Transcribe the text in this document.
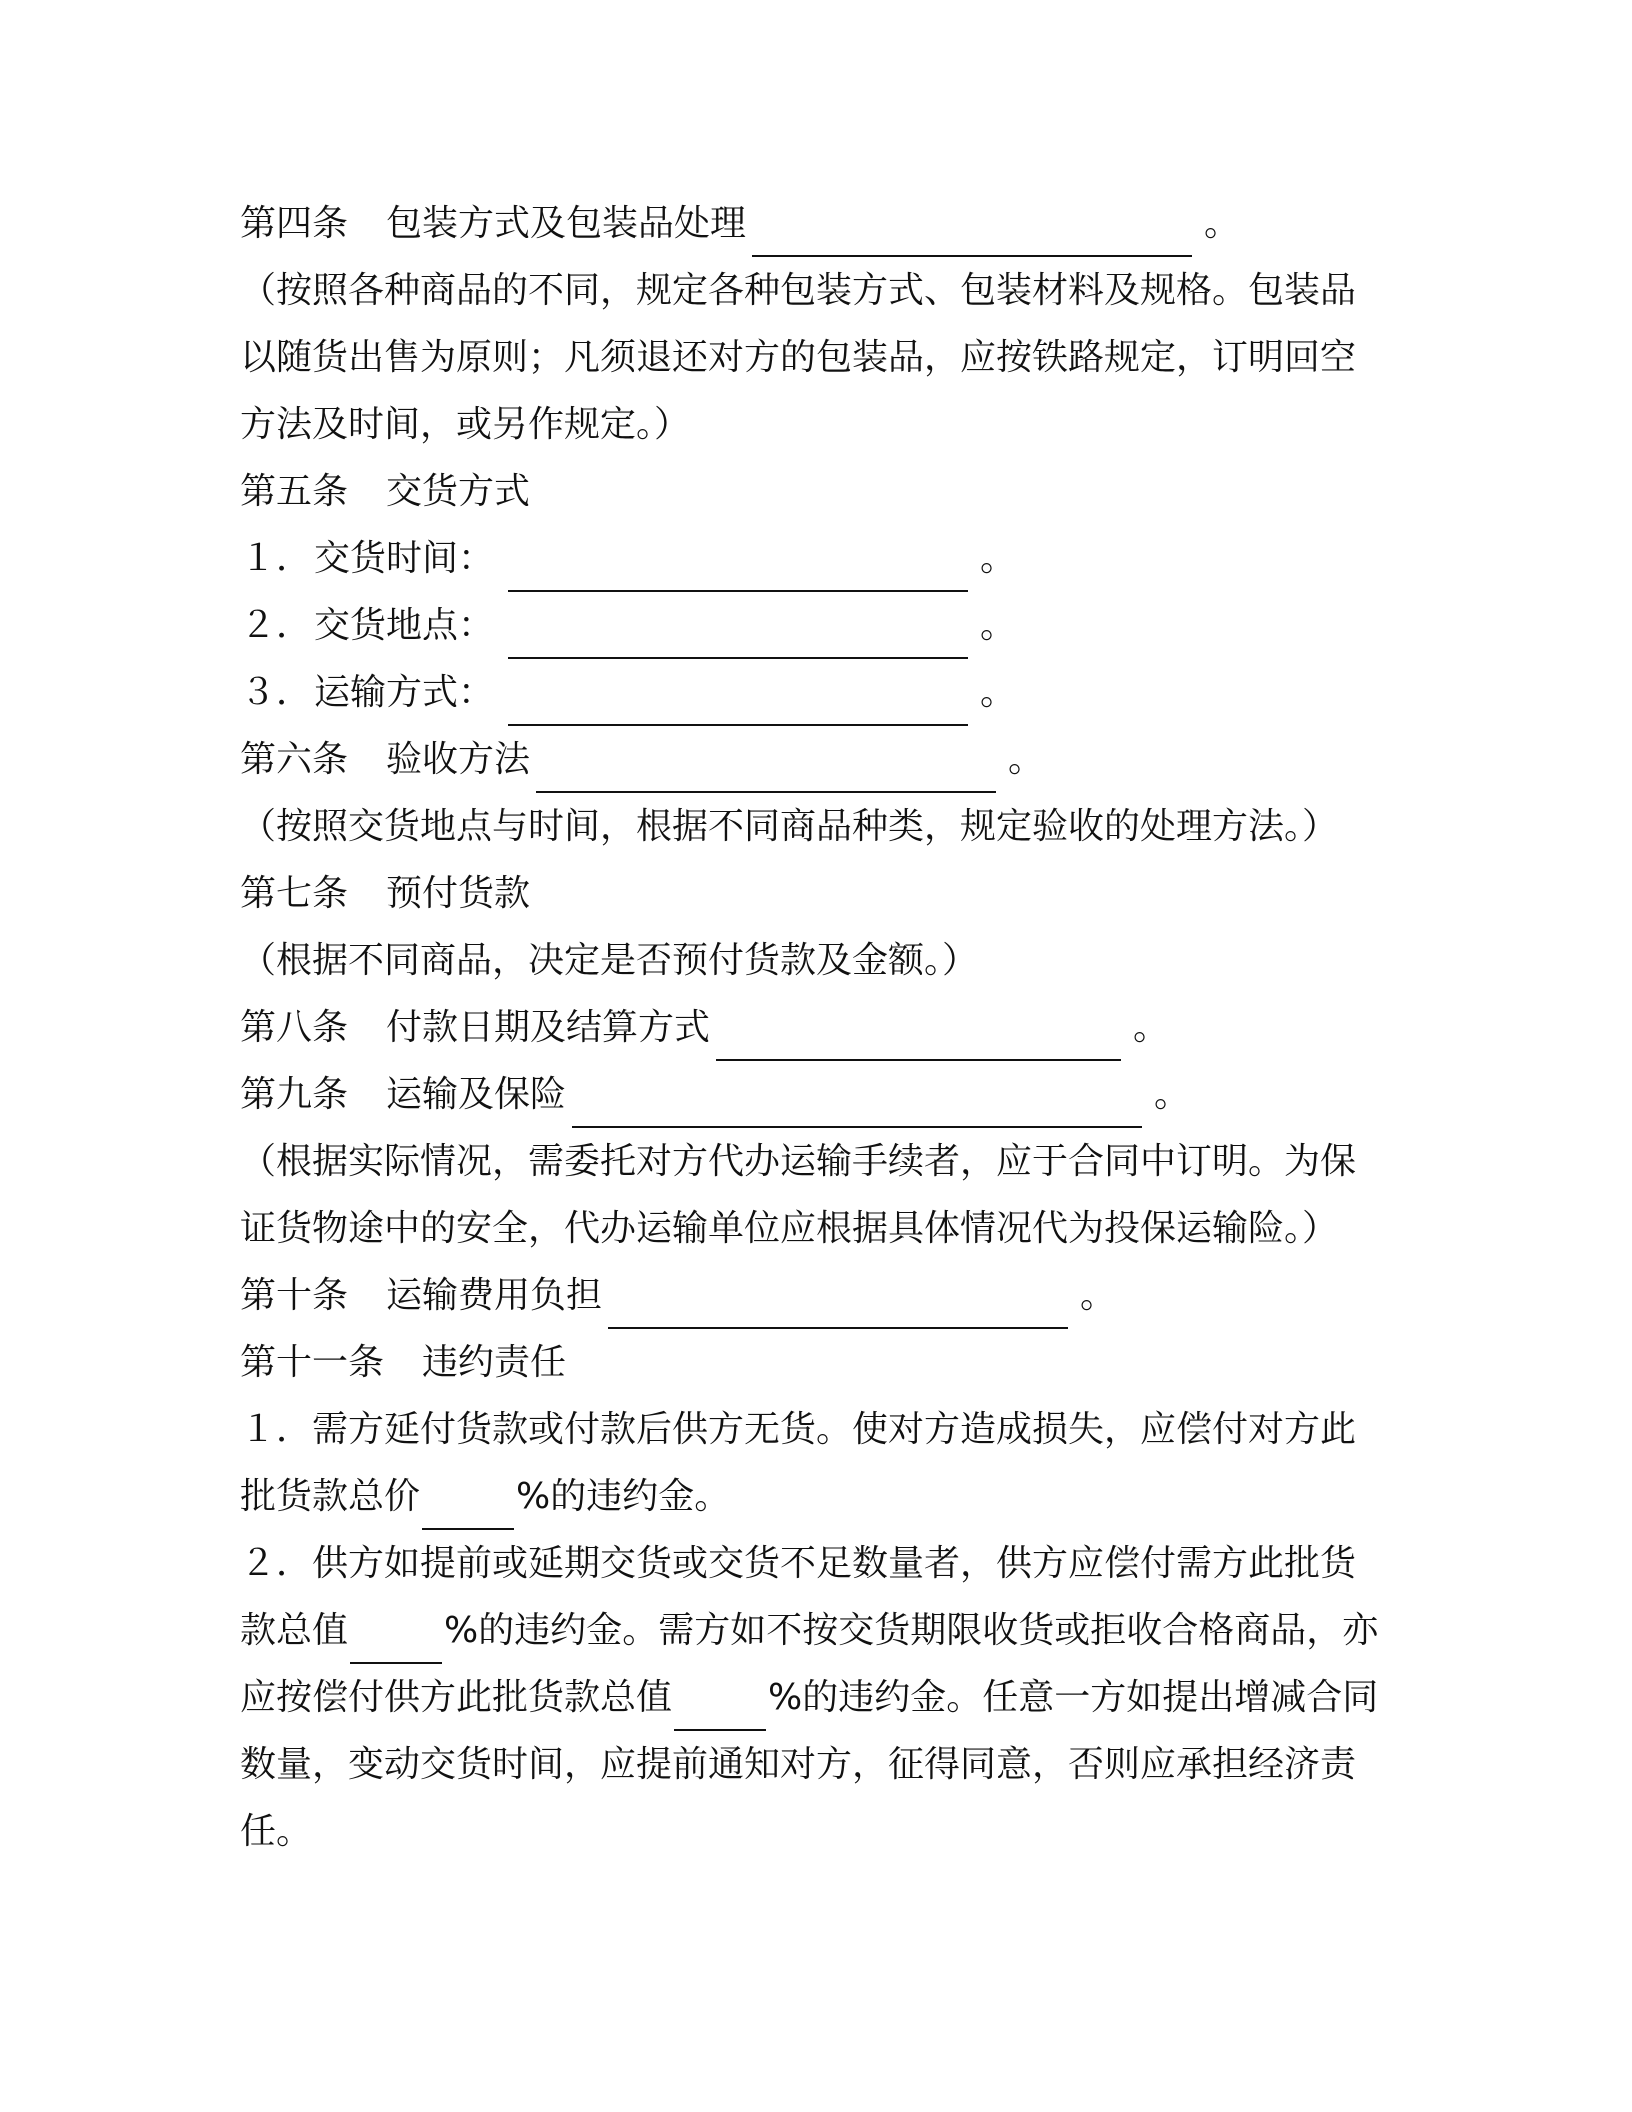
第四条 包装方式及包装品处理	。
（按照各种商品的不同，规定各种包装方式、包装材料及规格。包装品以随货出售为原则；凡须退还对方的包装品，应按铁路规定，订明回空方法及时间，或另作规定。）
第五条 交货方式
１．交货时间：	。
２．交货地点：	。
３．运输方式：	。
第六条 验收方法	。
（按照交货地点与时间，根据不同商品种类，规定验收的处理方法。）
第七条 预付货款
（根据不同商品，决定是否预付货款及金额。）
第八条 付款日期及结算方式	。
第九条 运输及保险	。
（根据实际情况，需委托对方代办运输手续者，应于合同中订明。为保证货物途中的安全，代办运输单位应根据具体情况代为投保运输险。）
第十条 运输费用负担	。
第十一条 违约责任
１．需方延付货款或付款后供方无货。使对方造成损失，应偿付对方此批货款总价	%的违约金。
２．供方如提前或延期交货或交货不足数量者，供方应偿付需方此批货款总值	%的违约金。需方如不按交货期限收货或拒收合格商品，亦应按偿付供方此批货款总值	%的违约金。任意一方如提出增减合同数量，变动交货时间，应提前通知对方，征得同意，否则应承担经济责任。
